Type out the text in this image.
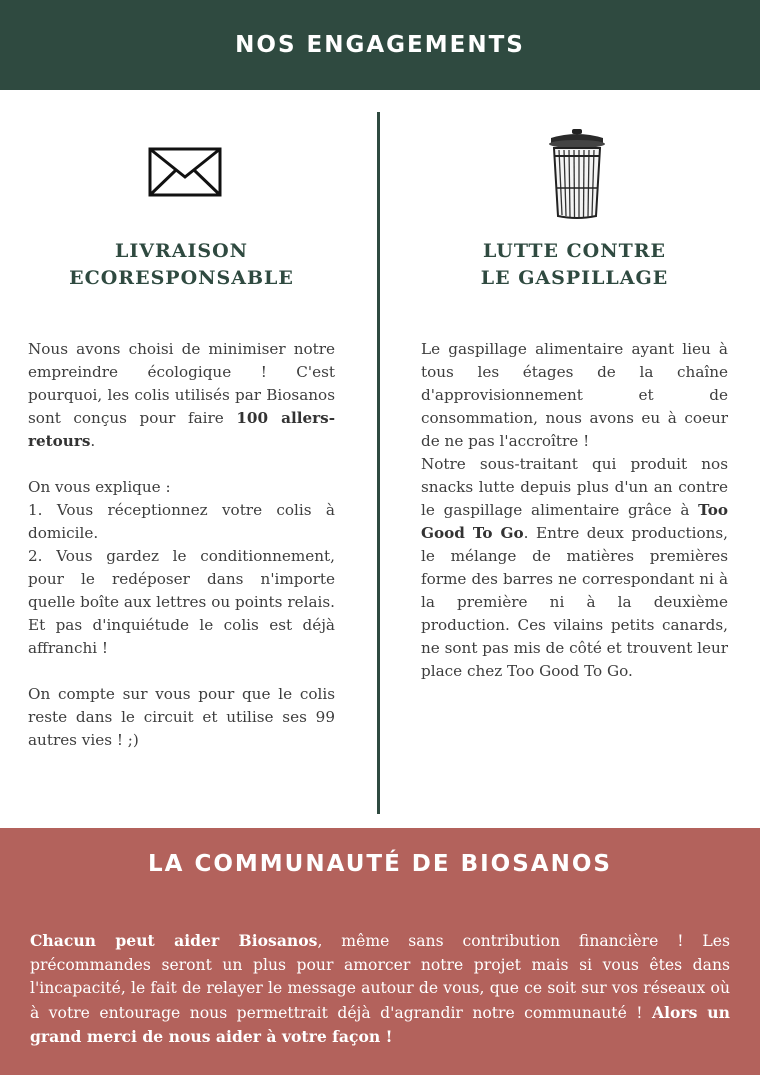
NOS ENGAGEMENTS
LIVRAISON
ECORESPONSABLE

Nous avons choisi de minimiser notre empreindre écologique ! C'est pourquoi, les colis utilisés par Biosanos sont conçus pour faire 100 allers-retours.

On vous explique :

1. Vous réceptionnez votre colis à domicile.

2. Vous gardez le conditionnement, pour le redéposer dans n'importe quelle boîte aux lettres ou points relais. Et pas d'inquiétude le colis est déjà affranchi !

On compte sur vous pour que le colis reste dans le circuit et utilise ses 99 autres vies ! ;)

LUTTE CONTRE
LE GASPILLAGE

Le gaspillage alimentaire ayant lieu à tous les étages de la chaîne d'approvisionnement et de consommation, nous avons eu à coeur de ne pas l'accroître !

Notre sous-traitant qui produit nos snacks lutte depuis plus d'un an contre le gaspillage alimentaire grâce à Too Good To Go. Entre deux productions, le mélange de matières premières forme des barres ne correspondant ni à la première ni à la deuxième production. Ces vilains petits canards, ne sont pas mis de côté et trouvent leur place chez Too Good To Go.

LA COMMUNAUTÉ DE BIOSANOS

Chacun peut aider Biosanos, même sans contribution financière ! Les précommandes seront un plus pour amorcer notre projet mais si vous êtes dans l'incapacité, le fait de relayer le message autour de vous, que ce soit sur vos réseaux où à votre entourage nous permettrait déjà d'agrandir notre communauté ! Alors un grand merci de nous aider à votre façon !
